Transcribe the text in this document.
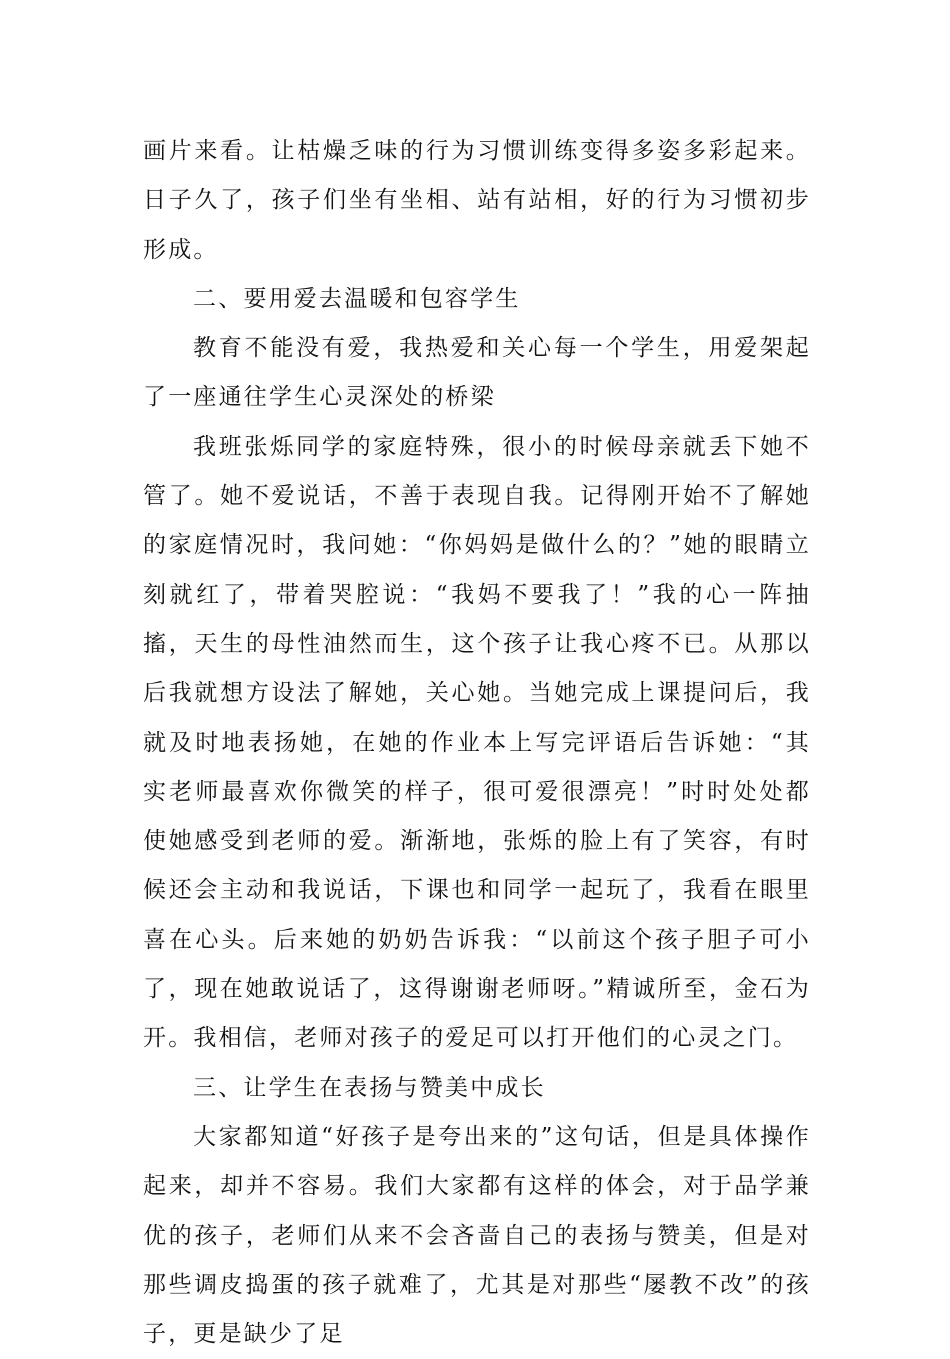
画片来看。让枯燥乏味的行为习惯训练变得多姿多彩起来。日子久了，孩子们坐有坐相、站有站相，好的行为习惯初步形成。

二、要用爱去温暖和包容学生

教育不能没有爱，我热爱和关心每一个学生，用爱架起了一座通往学生心灵深处的桥梁

我班张烁同学的家庭特殊，很小的时候母亲就丢下她不管了。她不爱说话，不善于表现自我。记得刚开始不了解她的家庭情况时，我问她：“你妈妈是做什么的？”她的眼睛立刻就红了，带着哭腔说：“我妈不要我了！”我的心一阵抽搐，天生的母性油然而生，这个孩子让我心疼不已。从那以后我就想方设法了解她，关心她。当她完成上课提问后，我就及时地表扬她，在她的作业本上写完评语后告诉她：“其实老师最喜欢你微笑的样子，很可爱很漂亮！”时时处处都使她感受到老师的爱。渐渐地，张烁的脸上有了笑容，有时候还会主动和我说话，下课也和同学一起玩了，我看在眼里喜在心头。后来她的奶奶告诉我：“以前这个孩子胆子可小了，现在她敢说话了，这得谢谢老师呀。”精诚所至，金石为开。我相信，老师对孩子的爱足可以打开他们的心灵之门。

三、让学生在表扬与赞美中成长

大家都知道“好孩子是夸出来的”这句话，但是具体操作起来，却并不容易。我们大家都有这样的体会，对于品学兼优的孩子，老师们从来不会吝啬自己的表扬与赞美，但是对那些调皮捣蛋的孩子就难了，尤其是对那些“屡教不改”的孩子，更是缺少了足
